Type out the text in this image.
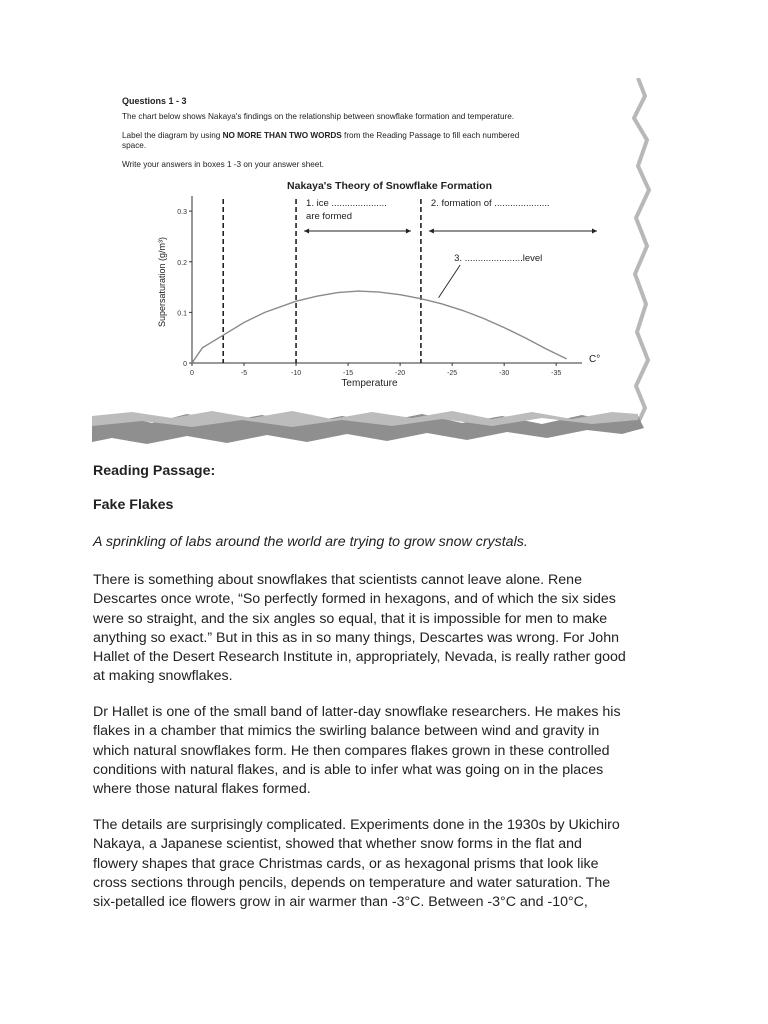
Questions 1 - 3

The chart below shows Nakaya's findings on the relationship between snowflake formation and temperature.

Label the diagram by using NO MORE THAN TWO WORDS from the Reading Passage to fill each numbered

space.

Write your answers in boxes 1 -3 on your answer sheet.

Nakaya's Theory of Snowflake Formation
0
0.1
0.2
0.3
0	-5	-10	-15	-20	-25	-30	-35
Temperature
C°
Supersaturation (g/m³)
1. ice .....................
are formed
2. formation of .....................
3. ......................level

Reading Passage:

Fake Flakes

A sprinkling of labs around the world are trying to grow snow crystals.

There is something about snowflakes that scientists cannot leave alone. Rene
Descartes once wrote, “So perfectly formed in hexagons, and of which the six sides
were so straight, and the six angles so equal, that it is impossible for men to make
anything so exact.” But in this as in so many things, Descartes was wrong. For John
Hallet of the Desert Research Institute in, appropriately, Nevada, is really rather good
at making snowflakes.
Dr Hallet is one of the small band of latter-day snowflake researchers. He makes his
flakes in a chamber that mimics the swirling balance between wind and gravity in
which natural snowflakes form. He then compares flakes grown in these controlled
conditions with natural flakes, and is able to infer what was going on in the places
where those natural flakes formed.
The details are surprisingly complicated. Experiments done in the 1930s by Ukichiro
Nakaya, a Japanese scientist, showed that whether snow forms in the flat and
flowery shapes that grace Christmas cards, or as hexagonal prisms that look like
cross sections through pencils, depends on temperature and water saturation. The
six-petalled ice flowers grow in air warmer than -3°C. Between -3°C and -10°C,
